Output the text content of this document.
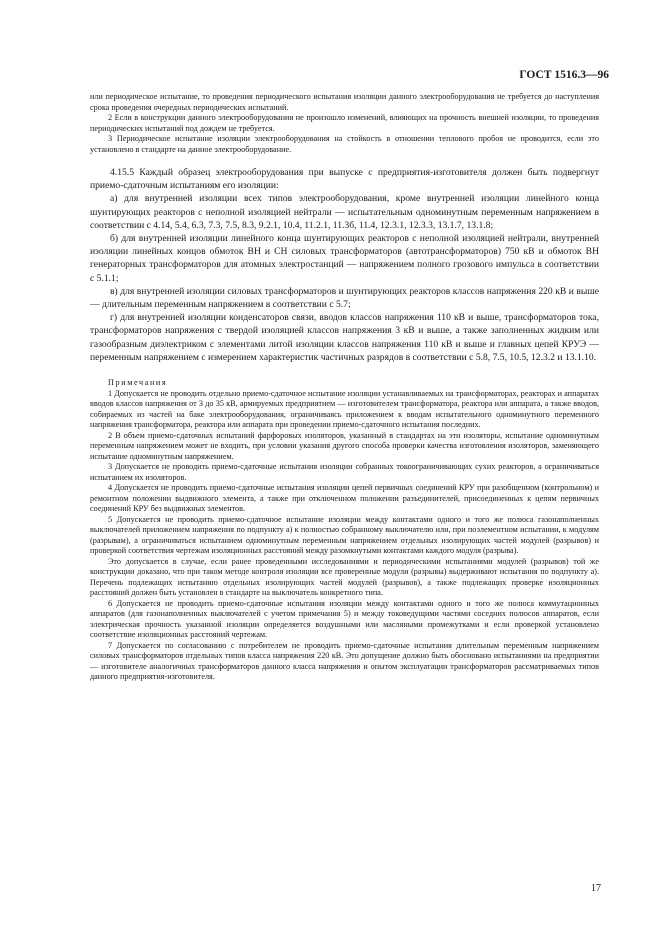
ГОСТ 1516.3—96

или периодическое испытание, то проведения периодического испытания изоляции данного электрооборудования не требуется до наступления срока проведения очередных периодических испытаний.

2 Если в конструкции данного электрооборудования не произошло изменений, влияющих на прочность внешней изоляции, то проведения периодических испытаний под дождем не требуется.

3 Периодическое испытание изоляции электрооборудования на стойкость в отношении теплового пробоя не проводится, если это установлено в стандарте на данное электрооборудование.

4.15.5 Каждый образец электрооборудования при выпуске с предприятия-изготовителя должен быть подвергнут приемо-сдаточным испытаниям его изоляции:

а) для внутренней изоляции всех типов электрооборудования, кроме внутренней изоляции линейного конца шунтирующих реакторов с неполной изоляцией нейтрали — испытательным одноминутным переменным напряжением в соответствии с 4.14, 5.4, 6.3, 7.3, 7.5, 8.3, 9.2.1, 10.4, 11.2.1, 11.3б, 11.4, 12.3.1, 12.3.3, 13.1.7, 13.1.8;

б) для внутренней изоляции линейного конца шунтирующих реакторов с неполной изоляцией нейтрали, внутренней изоляции линейных концов обмоток ВН и СН силовых трансформаторов (автотрансформаторов) 750 кВ и обмоток ВН генераторных трансформаторов для атомных электростанций — напряжением полного грозового импульса в соответствии с 5.1.1;

в) для внутренней изоляции силовых трансформаторов и шунтирующих реакторов классов напряжения 220 кВ и выше — длительным переменным напряжением в соответствии с 5.7;

г) для внутренней изоляции конденсаторов связи, вводов классов напряжения 110 кВ и выше, трансформаторов тока, трансформаторов напряжения с твердой изоляцией классов напряжения 3 кВ и выше, а также заполненных жидким или газообразным диэлектриком с элементами литой изоляции классов напряжения 110 кВ и выше и главных цепей КРУЭ — переменным напряжением с измерением характеристик частичных разрядов в соответствии с 5.8, 7.5, 10.5, 12.3.2 и 13.1.10.

Примечания

1 Допускается не проводить отдельно приемо-сдаточное испытание изоляции устанавливаемых на трансформаторах, реакторах и аппаратах вводов классов напряжения от 3 до 35 кВ, армируемых предприятием — изготовителем трансформатора, реактора или аппарата, а также вводов, собираемых из частей на баке электрооборудования, ограничиваясь приложением к вводам испытательного одноминутного переменного напряжения трансформатора, реактора или аппарата при проведении приемо-сдаточного испытания последних.

2 В объем приемо-сдаточных испытаний фарфоровых изоляторов, указанный в стандартах на эти изоляторы, испытание одноминутным переменным напряжением может не входить, при условии указания другого способа проверки качества изготовления изоляторов, заменяющего испытание одноминутным напряжением.

3 Допускается не проводить приемо-сдаточные испытания изоляции собранных токоограничивающих сухих реакторов, а ограничиваться испытанием их изоляторов.

4 Допускается не проводить приемо-сдаточные испытания изоляции цепей первичных соединений КРУ при разобщенном (контрольном) и ремонтном положении выдвижного элемента, а также при отключенном положении разъединителей, присоединенных к цепям первичных соединений КРУ без выдвижных элементов.

5 Допускается не проводить приемо-сдаточное испытание изоляции между контактами одного и того же полюса газонаполненных выключателей приложением напряжения по подпункту а) к полностью собранному выключателю или, при поэлементном испытании, к модулям (разрывам), а ограничиваться испытанием одноминутным переменным напряжением отдельных изолирующих частей модулей (разрывов) и проверкой соответствия чертежам изоляционных расстояний между разомкнутыми контактами каждого модуля (разрыва).

Это допускается в случае, если ранее проведенными исследованиями и периодическими испытаниями модулей (разрывов) той же конструкции доказано, что при таком методе контроля изоляции все проверенные модули (разрывы) выдерживают испытания по подпункту а). Перечень подлежащих испытанию отдельных изолирующих частей модулей (разрывов), а также подлежащих проверке изоляционных расстояний должен быть установлен в стандарте на выключатель конкретного типа.

6 Допускается не проводить приемо-сдаточные испытания изоляции между контактами одного и того же полюса коммутационных аппаратов (для газонаполненных выключателей с учетом примечания 5) и между токоведущими частями соседних полюсов аппаратов, если электрическая прочность указанной изоляции определяется воздушными или масляными промежутками и если проверкой установлено соответствие изоляционных расстояний чертежам.

7 Допускается по согласованию с потребителем не проводить приемо-сдаточные испытания длительным переменным напряжением силовых трансформаторов отдельных типов класса напряжения 220 кВ. Это допущение должно быть обосновано испытаниями на предприятии — изготовителе аналогичных трансформаторов данного класса напряжения и опытом эксплуатации трансформаторов рассматриваемых типов данного предприятия-изготовителя.

17
